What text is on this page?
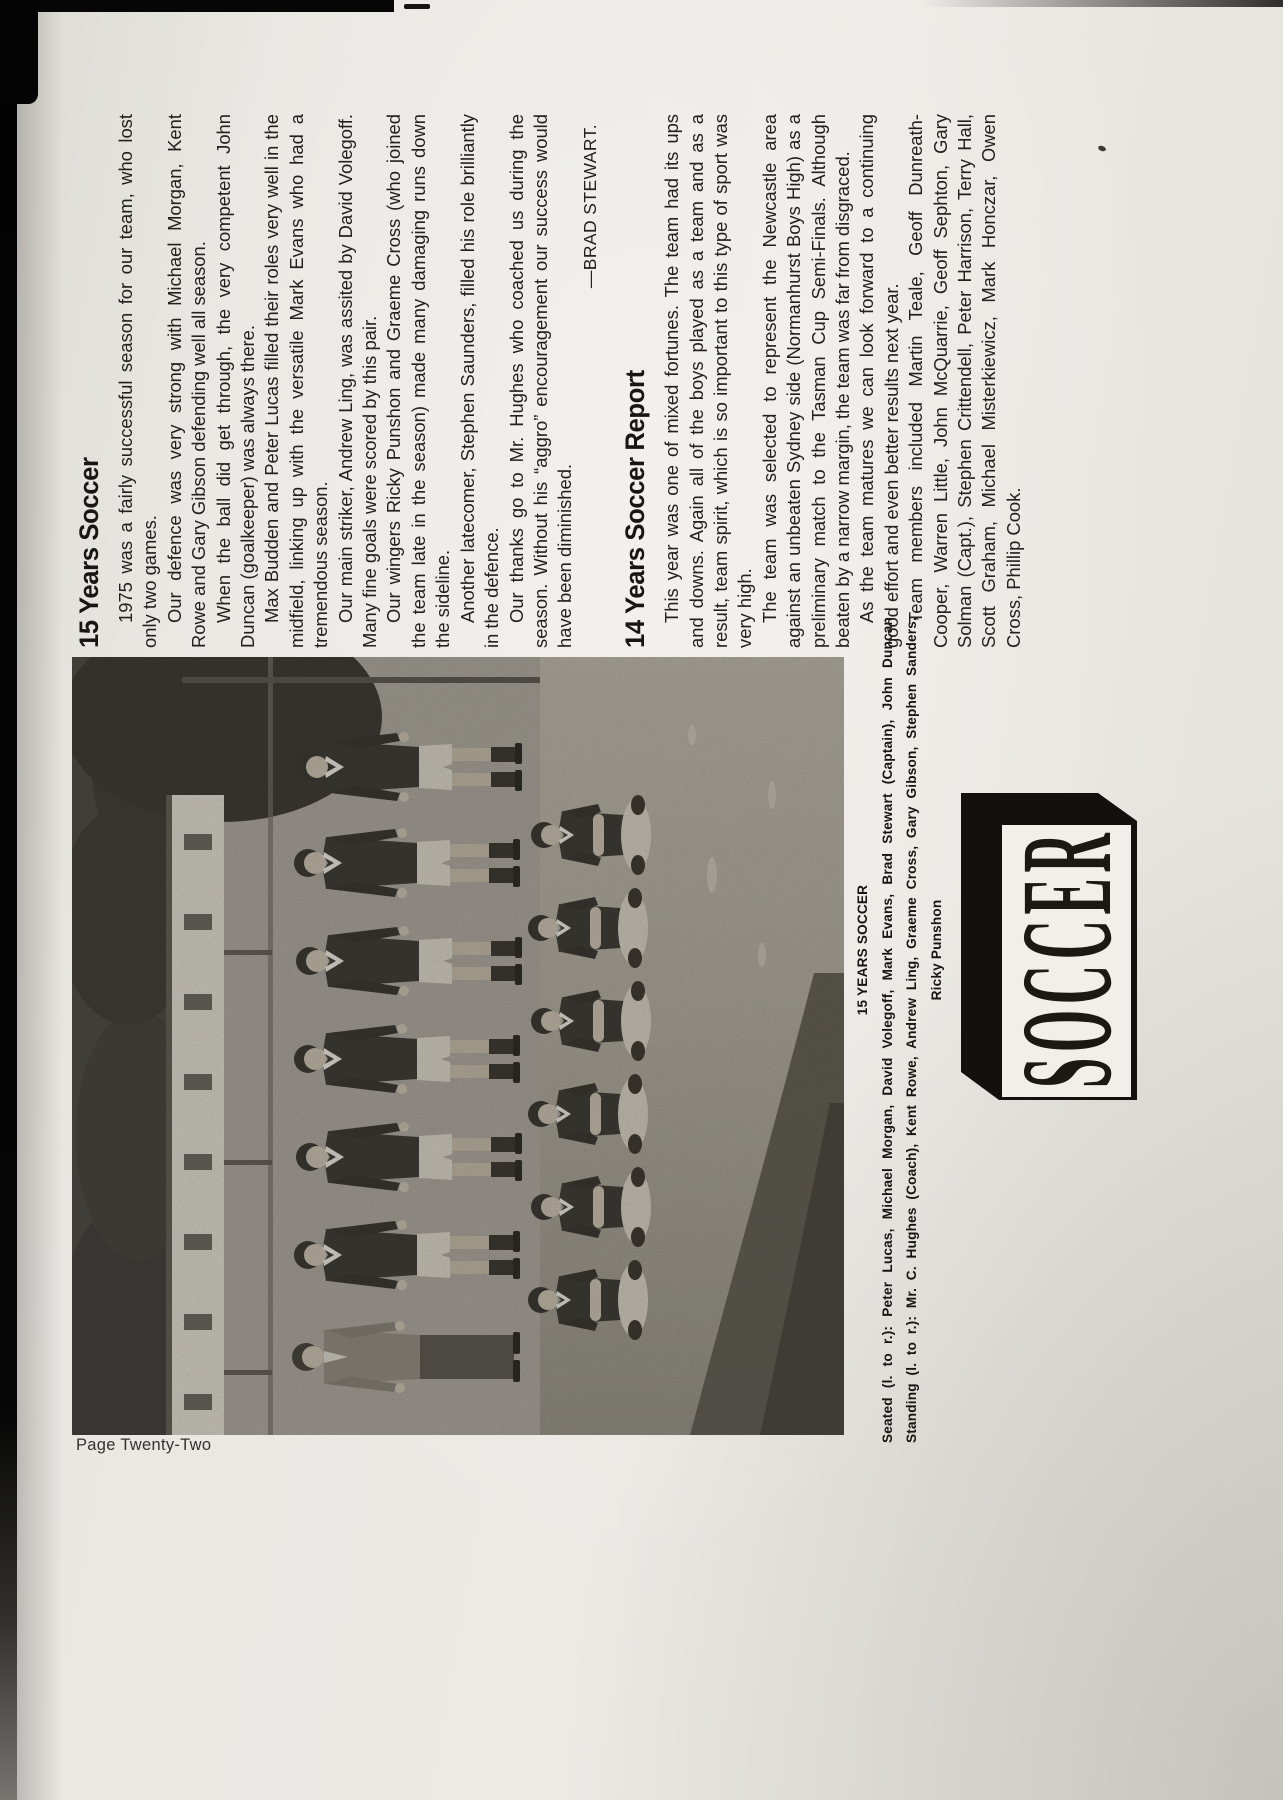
15 YEARS SOCCER Seated (l. to r.): Peter Lucas, Michael Morgan, David Volegoff, Mark Evans, Brad Stewart (Captain), John Duncan Standing (l. to r.): Mr. C. Hughes (Coach), Kent Rowe, Andrew Ling, Graeme Cross, Gary Gibson, Stephen Sanders, Ricky Punshon SOCCER
15 Years Soccer 1975 was a fairly successful season for our team, who lost only two games. Our defence was very strong with Michael Morgan, Kent Rowe and Gary Gibson defending well all season. When the ball did get through, the very competent John Duncan (goalkeeper) was always there. Max Budden and Peter Lucas filled their roles very well in the midfield, linking up with the versatile Mark Evans who had a tremendous season. Our main striker, Andrew Ling, was assited by David Volegoff. Many fine goals were scored by this pair. Our wingers Ricky Punshon and Graeme Cross (who joined the team late in the season) made many damaging runs down the sideline. Another latecomer, Stephen Saunders, filled his role brilliantly in the defence. Our thanks go to Mr. Hughes who coached us during the season. Without his “aggro” encouragement our success would have been diminished.

—BRAD STEWART.

14 Years Soccer Report This year was one of mixed fortunes. The team had its ups and downs. Again all of the boys played as a team and as a result, team spirit, which is so important to this type of sport was very high. The team was selected to represent the Newcastle area against an unbeaten Sydney side (Normanhurst Boys High) as a preliminary match to the Tasman Cup Semi-Finals. Although beaten by a narrow margin, the team was far from disgraced. As the team matures we can look forward to a continuing good effort and even better results next year. Team members included Martin Teale, Geoff Dunreath-Cooper, Warren Little, John McQuarrie, Geoff Sephton, Gary Solman (Capt.), Stephen Crittendell, Peter Harrison, Terry Hall, Scott Graham, Michael Misterkiewicz, Mark Honczar, Owen Cross, Phillip Cook.

Page Twenty-Two
